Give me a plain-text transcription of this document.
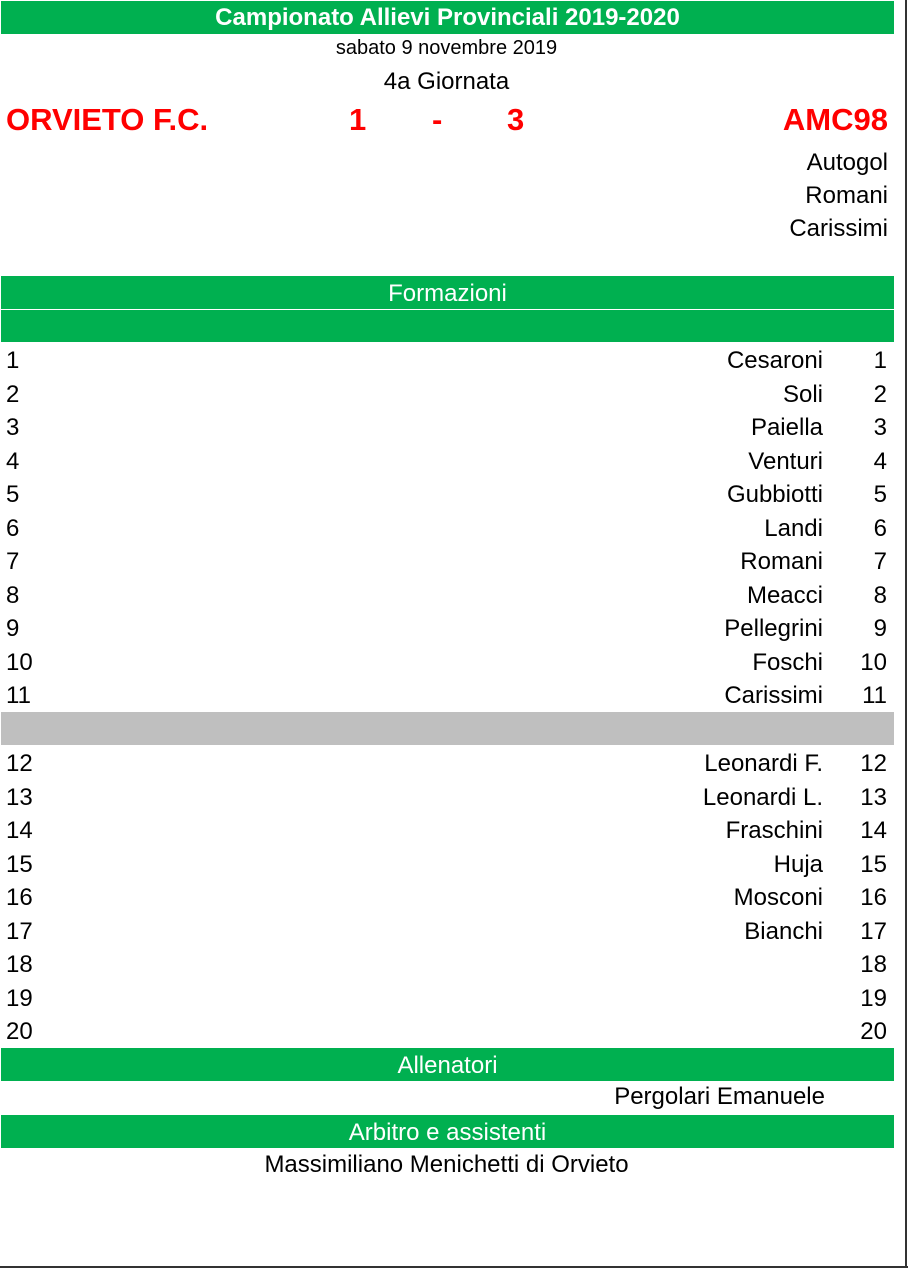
Campionato Allievi Provinciali 2019-2020
sabato 9 novembre 2019
4a Giornata
ORVIETO F.C.	1 - 3	AMC98
Autogol
Romani
Carissimi
Formazioni
1	Cesaroni 1
2	Soli 2
3	Paiella 3
4	Venturi 4
5	Gubbiotti 5
6	Landi 6
7	Romani 7
8	Meacci 8
9	Pellegrini 9
10	Foschi 10
11	Carissimi 11
12	Leonardi F. 12
13	Leonardi L. 13
14	Fraschini 14
15	Huja 15
16	Mosconi 16
17	Bianchi 17
18	18
19	19
20	20
Allenatori
Pergolari Emanuele
Arbitro e assistenti
Massimiliano Menichetti di Orvieto
